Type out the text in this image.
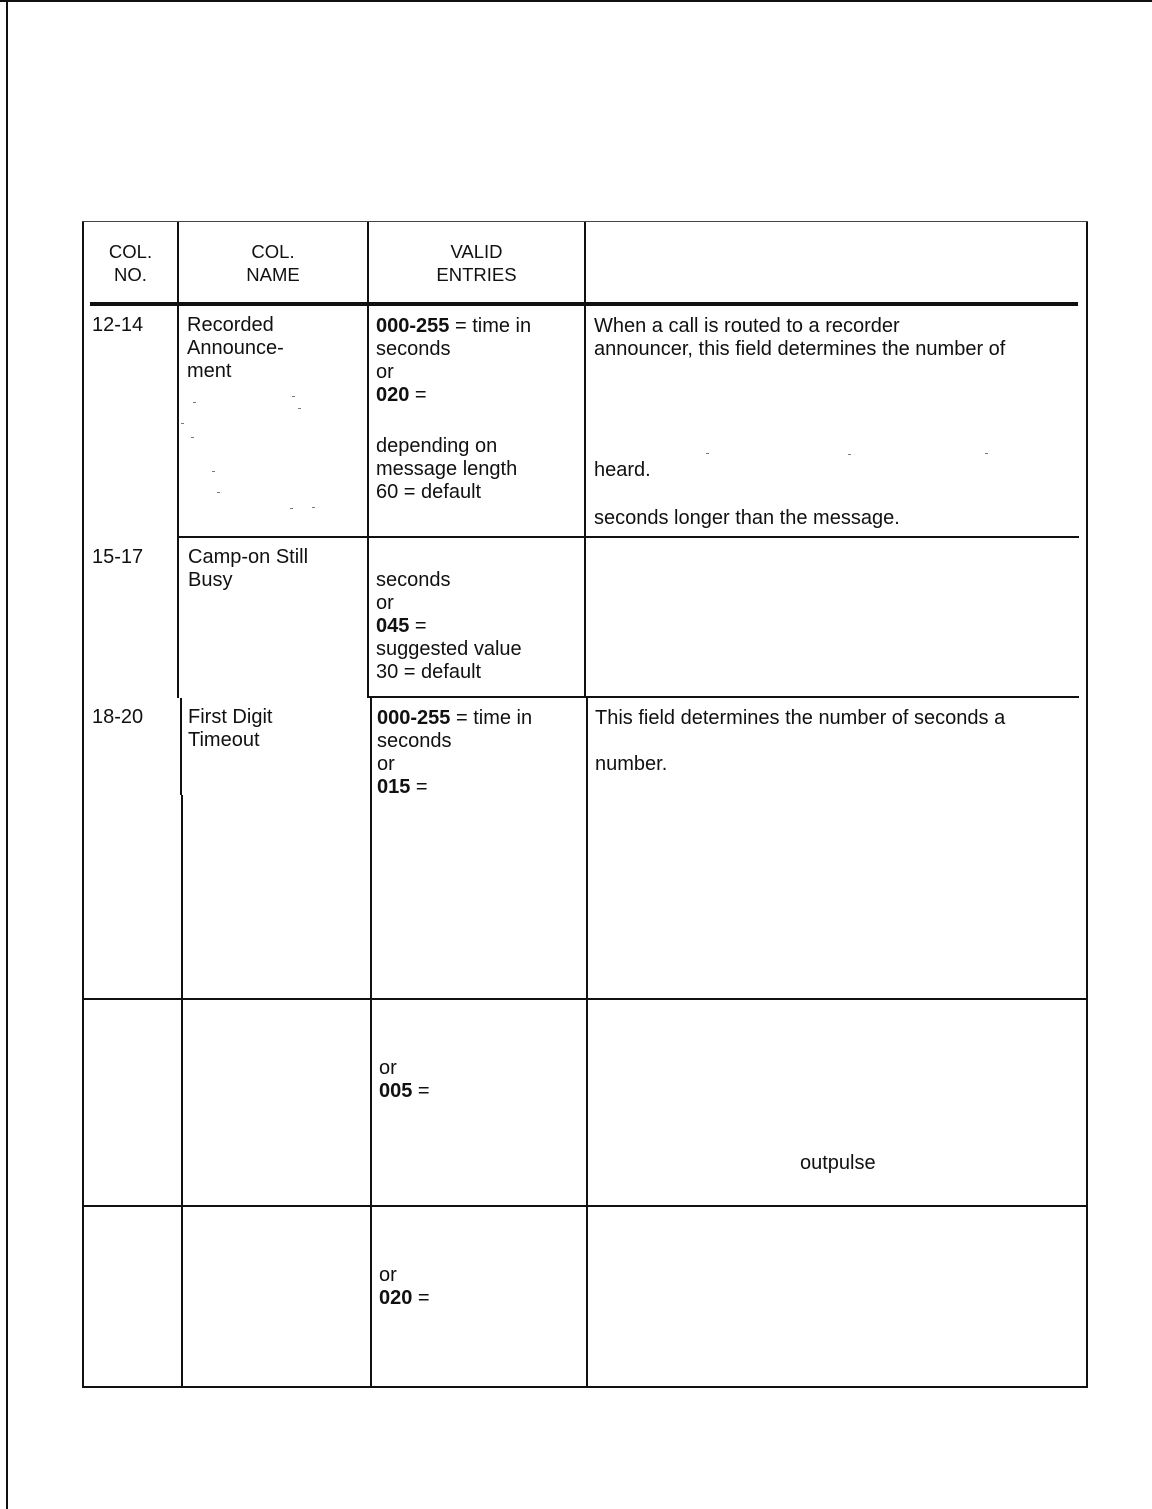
COL.
NO.
COL.
NAME
VALID
ENTRIES
12-14 Recorded
Announce-
ment
000-255 = time in
seconds
or
020 =
depending on
message length
60 = default
When a call is routed to a recorder
announcer, this field determines the number of
heard.
seconds longer than the message.
15-17 Camp-on Still
Busy	seconds
or
045 =
suggested value
30 = default
18-20 First Digit
Timeout
000-255 = time in
seconds
or
015 =
This field determines the number of seconds a
number.
or
005 =
outpulse
or
020 =
